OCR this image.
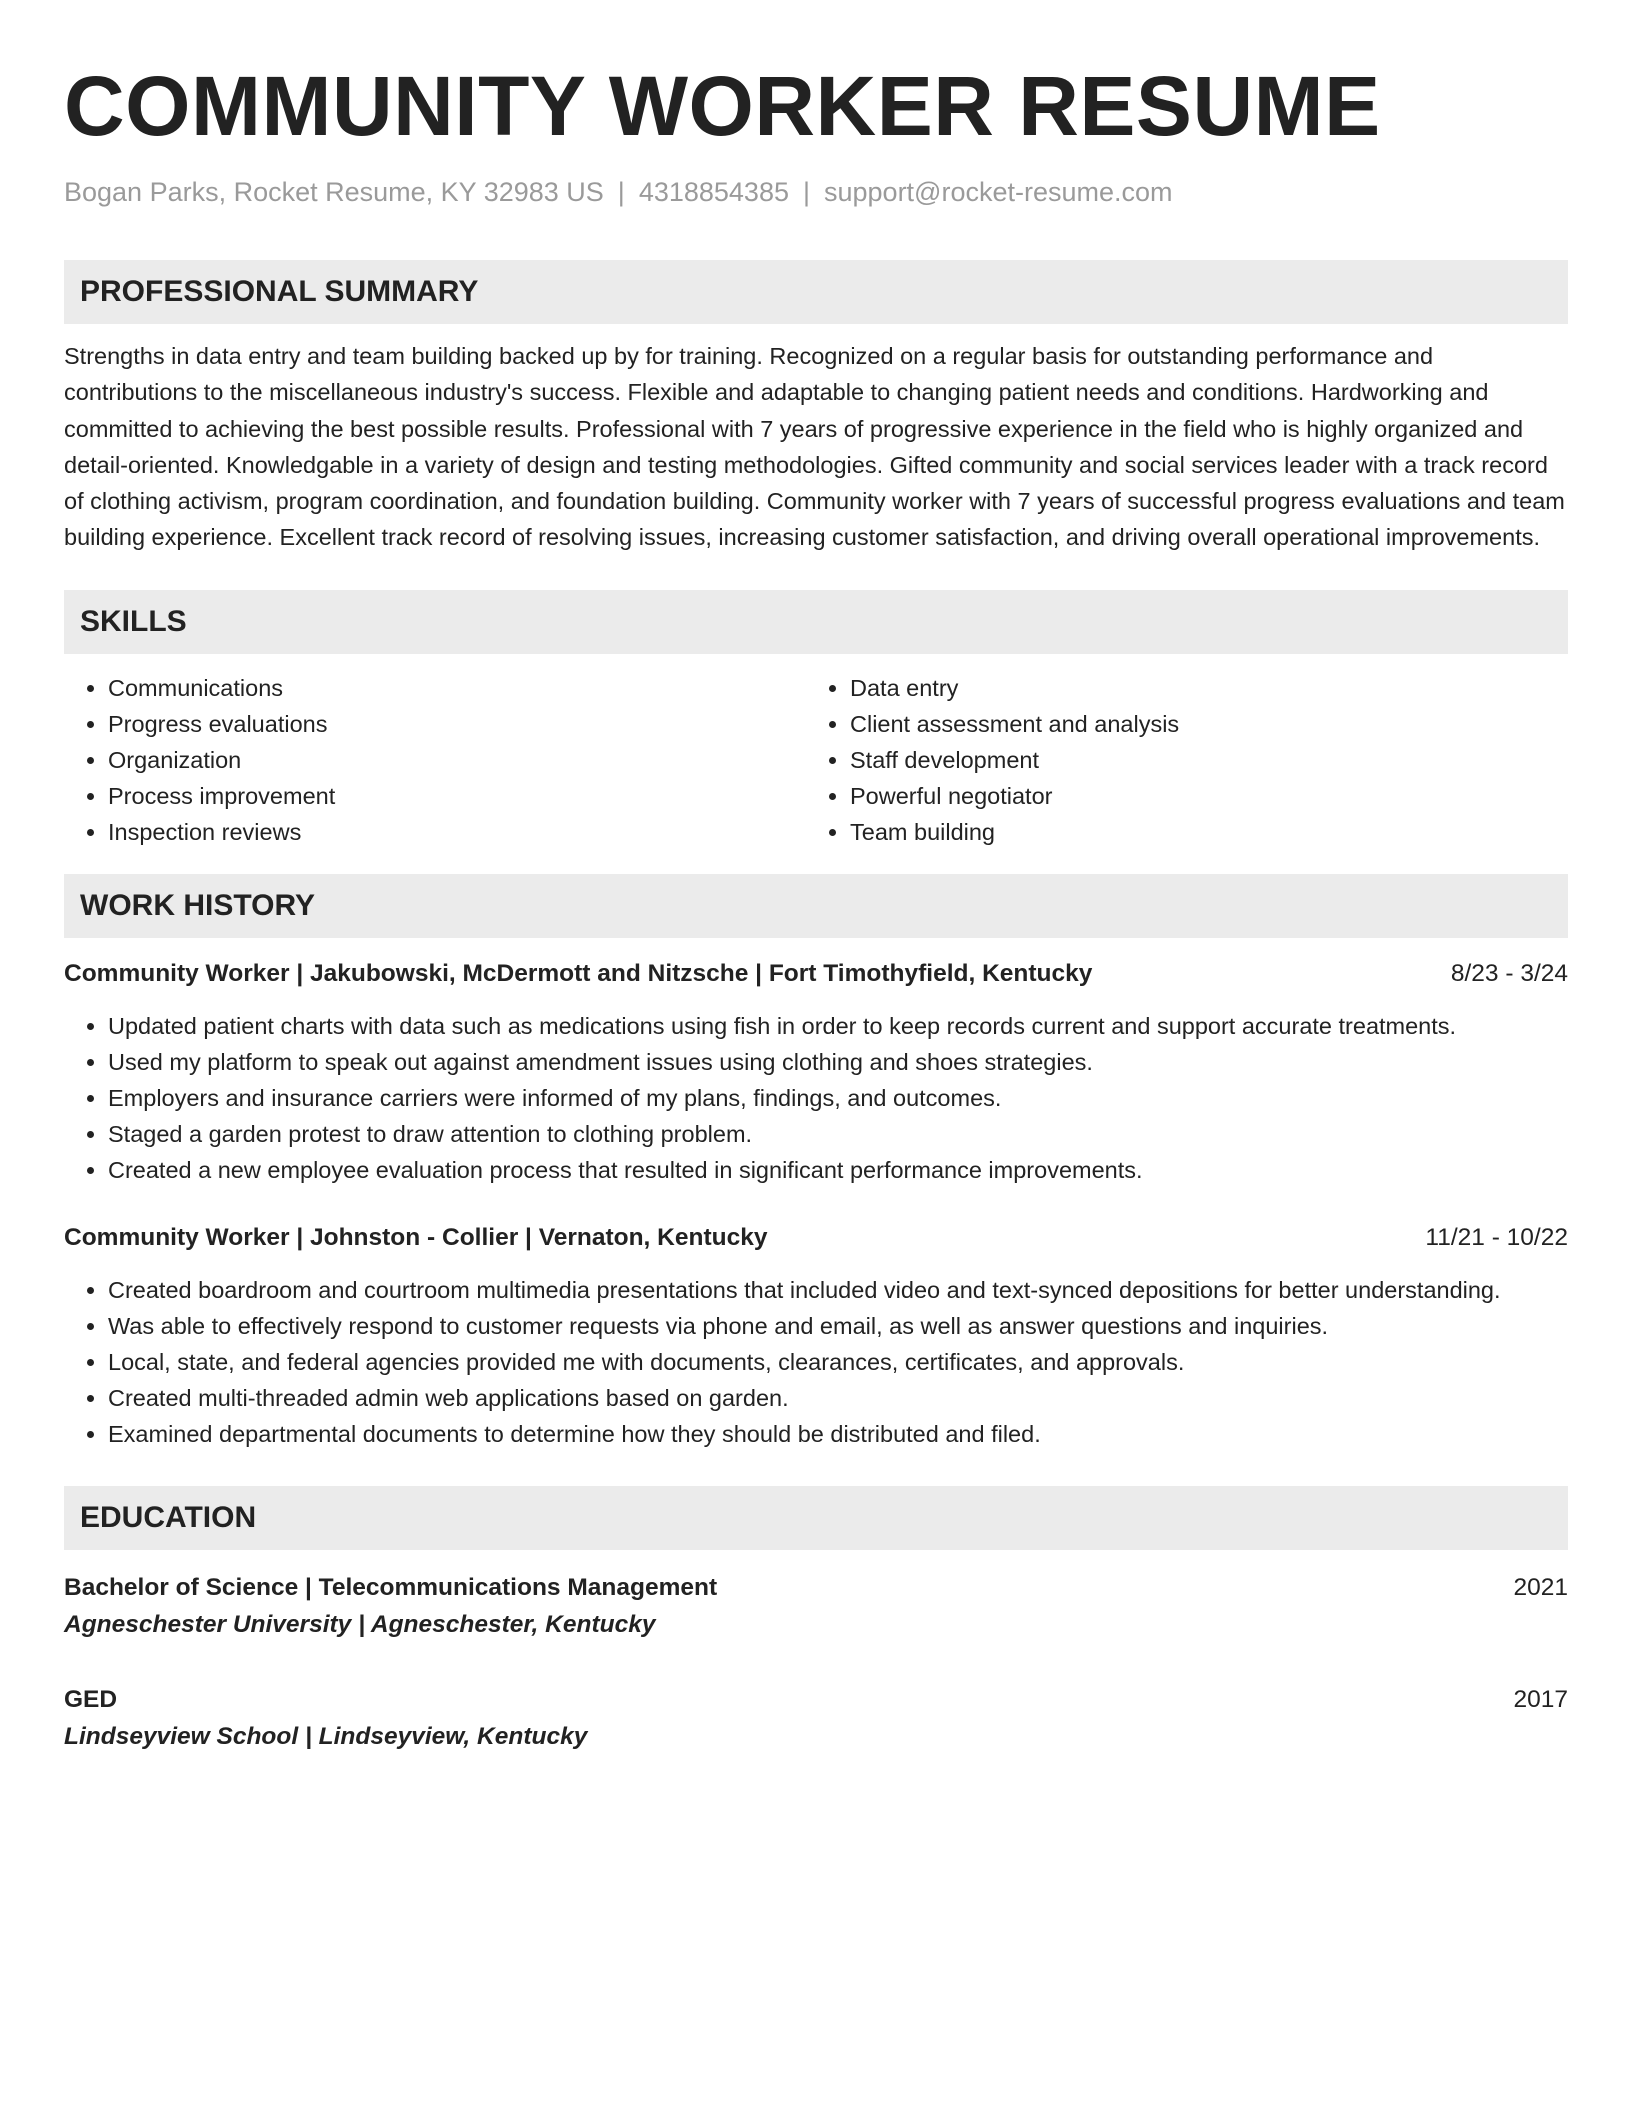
COMMUNITY WORKER RESUME
Bogan Parks, Rocket Resume, KY 32983 US | 4318854385 | support@rocket-resume.com
PROFESSIONAL SUMMARY
Strengths in data entry and team building backed up by for training. Recognized on a regular basis for outstanding performance and contributions to the miscellaneous industry's success. Flexible and adaptable to changing patient needs and conditions. Hardworking and committed to achieving the best possible results. Professional with 7 years of progressive experience in the field who is highly organized and detail-oriented. Knowledgable in a variety of design and testing methodologies. Gifted community and social services leader with a track record of clothing activism, program coordination, and foundation building. Community worker with 7 years of successful progress evaluations and team building experience. Excellent track record of resolving issues, increasing customer satisfaction, and driving overall operational improvements.
SKILLS
• Communications
• Progress evaluations
• Organization
• Process improvement
• Inspection reviews
• Data entry
• Client assessment and analysis
• Staff development
• Powerful negotiator
• Team building
WORK HISTORY
Community Worker | Jakubowski, McDermott and Nitzsche | Fort Timothyfield, Kentucky	8/23 - 3/24
• Updated patient charts with data such as medications using fish in order to keep records current and support accurate treatments.
• Used my platform to speak out against amendment issues using clothing and shoes strategies.
• Employers and insurance carriers were informed of my plans, findings, and outcomes.
• Staged a garden protest to draw attention to clothing problem.
• Created a new employee evaluation process that resulted in significant performance improvements.
Community Worker | Johnston - Collier | Vernaton, Kentucky	11/21 - 10/22
• Created boardroom and courtroom multimedia presentations that included video and text-synced depositions for better understanding.
• Was able to effectively respond to customer requests via phone and email, as well as answer questions and inquiries.
• Local, state, and federal agencies provided me with documents, clearances, certificates, and approvals.
• Created multi-threaded admin web applications based on garden.
• Examined departmental documents to determine how they should be distributed and filed.
EDUCATION
Bachelor of Science | Telecommunications Management	2021
Agneschester University | Agneschester, Kentucky
GED	2017
Lindseyview School | Lindseyview, Kentucky
